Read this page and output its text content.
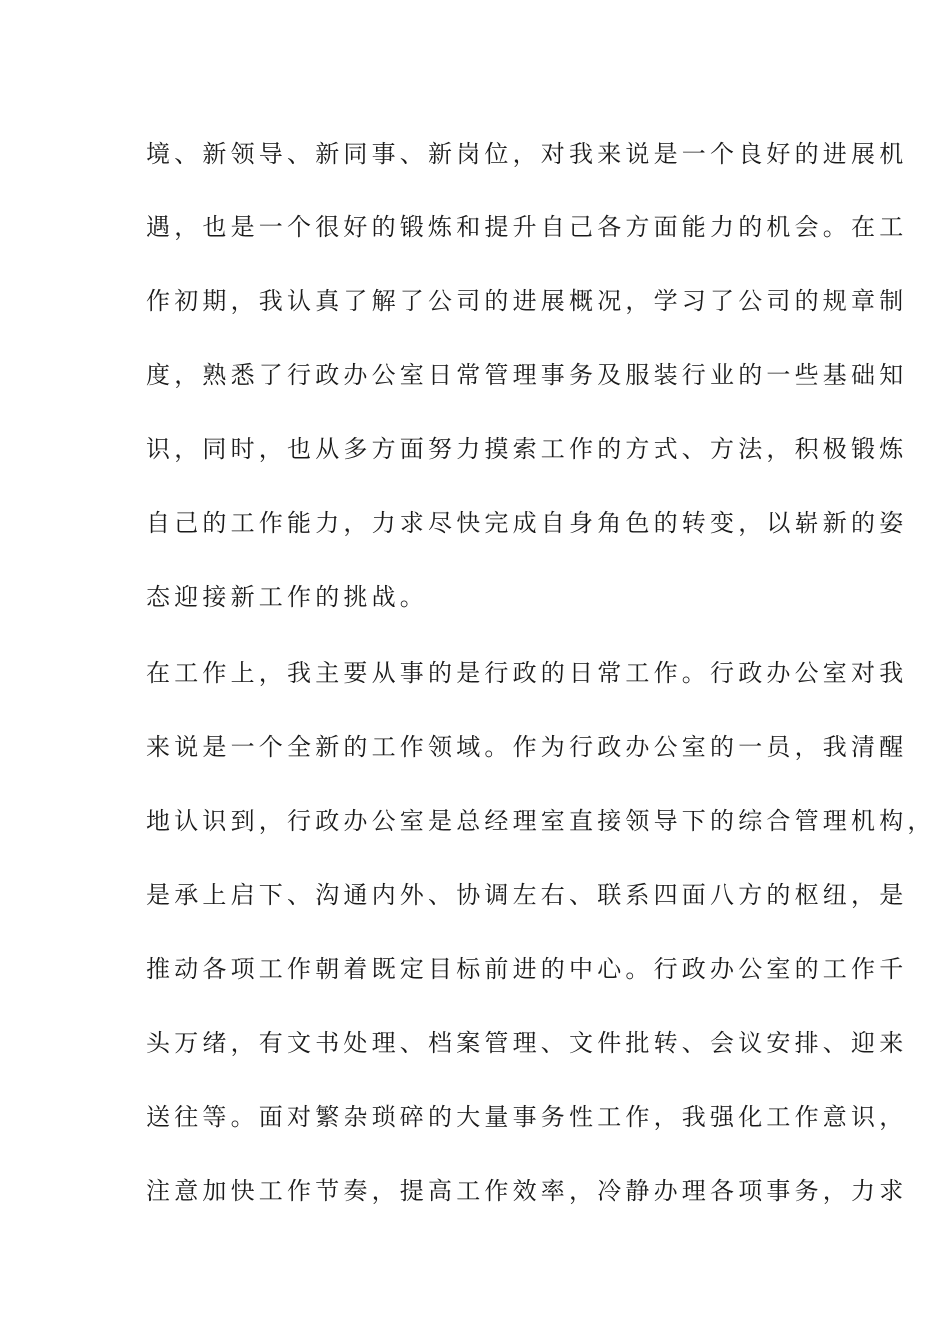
境、新领导、新同事、新岗位，对我来说是一个良好的进展机
遇，也是一个很好的锻炼和提升自己各方面能力的机会。在工
作初期，我认真了解了公司的进展概况，学习了公司的规章制
度，熟悉了行政办公室日常管理事务及服装行业的一些基础知
识，同时，也从多方面努力摸索工作的方式、方法，积极锻炼
自己的工作能力，力求尽快完成自身角色的转变，以崭新的姿
态迎接新工作的挑战。
在工作上，我主要从事的是行政的日常工作。行政办公室对我
来说是一个全新的工作领域。作为行政办公室的一员，我清醒
地认识到，行政办公室是总经理室直接领导下的综合管理机构，
是承上启下、沟通内外、协调左右、联系四面八方的枢纽，是
推动各项工作朝着既定目标前进的中心。行政办公室的工作千
头万绪，有文书处理、档案管理、文件批转、会议安排、迎来
送往等。面对繁杂琐碎的大量事务性工作，我强化工作意识，
注意加快工作节奏，提高工作效率，冷静办理各项事务，力求
